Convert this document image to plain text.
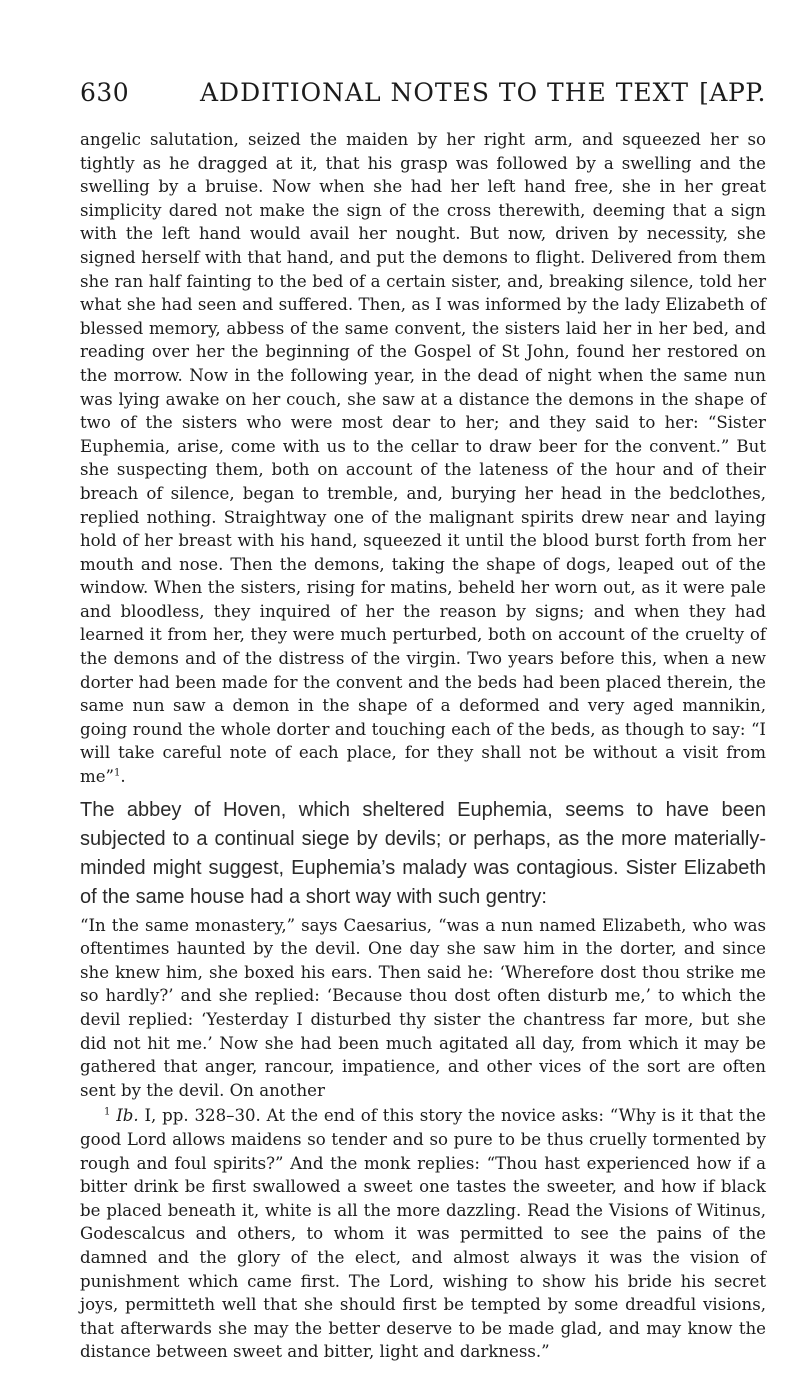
630	ADDITIONAL NOTES TO THE TEXT [APP.

angelic salutation, seized the maiden by her right arm, and squeezed her so tightly as he dragged at it, that his grasp was followed by a swelling and the swelling by a bruise. Now when she had her left hand free, she in her great simplicity dared not make the sign of the cross therewith, deeming that a sign with the left hand would avail her nought. But now, driven by necessity, she signed herself with that hand, and put the demons to flight. Delivered from them she ran half fainting to the bed of a certain sister, and, breaking silence, told her what she had seen and suffered. Then, as I was informed by the lady Elizabeth of blessed memory, abbess of the same convent, the sisters laid her in her bed, and reading over her the beginning of the Gospel of St John, found her restored on the morrow. Now in the following year, in the dead of night when the same nun was lying awake on her couch, she saw at a distance the demons in the shape of two of the sisters who were most dear to her; and they said to her: “Sister Euphemia, arise, come with us to the cellar to draw beer for the convent.” But she suspecting them, both on account of the lateness of the hour and of their breach of silence, began to tremble, and, burying her head in the bedclothes, replied nothing. Straightway one of the malignant spirits drew near and laying hold of her breast with his hand, squeezed it until the blood burst forth from her mouth and nose. Then the demons, taking the shape of dogs, leaped out of the window. When the sisters, rising for matins, beheld her worn out, as it were pale and bloodless, they inquired of her the reason by signs; and when they had learned it from her, they were much perturbed, both on account of the cruelty of the demons and of the distress of the virgin. Two years before this, when a new dorter had been made for the convent and the beds had been placed therein, the same nun saw a demon in the shape of a deformed and very aged mannikin, going round the whole dorter and touching each of the beds, as though to say: “I will take careful note of each place, for they shall not be without a visit from me”$^1$.

The abbey of Hoven, which sheltered Euphemia, seems to have been subjected to a continual siege by devils; or perhaps, as the more materially-minded might suggest, Euphemia’s malady was contagious. Sister Elizabeth of the same house had a short way with such gentry:

“In the same monastery,” says Caesarius, “was a nun named Elizabeth, who was oftentimes haunted by the devil. One day she saw him in the dorter, and since she knew him, she boxed his ears. Then said he: ‘Wherefore dost thou strike me so hardly?’ and she replied: ‘Because thou dost often disturb me,’ to which the devil replied: ‘Yesterday I disturbed thy sister the chantress far more, but she did not hit me.’ Now she had been much agitated all day, from which it may be gathered that anger, rancour, impatience, and other vices of the sort are often sent by the devil. On another

$^1$ Ib. I, pp. 328–30. At the end of this story the novice asks: “Why is it that the good Lord allows maidens so tender and so pure to be thus cruelly tormented by rough and foul spirits?” And the monk replies: “Thou hast experienced how if a bitter drink be first swallowed a sweet one tastes the sweeter, and how if black be placed beneath it, white is all the more dazzling. Read the Visions of Witinus, Godescalcus and others, to whom it was permitted to see the pains of the damned and the glory of the elect, and almost always it was the vision of punishment which came first. The Lord, wishing to show his bride his secret joys, permitteth well that she should first be tempted by some dreadful visions, that afterwards she may the better deserve to be made glad, and may know the distance between sweet and bitter, light and darkness.”
